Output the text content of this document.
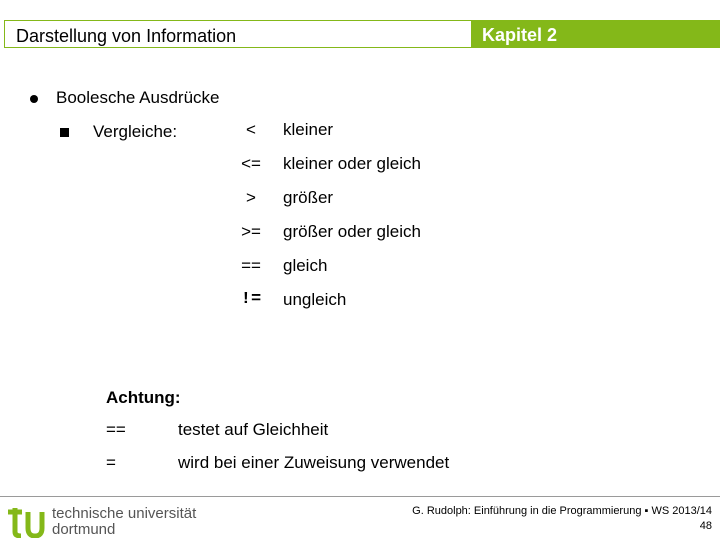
Darstellung von Information	Kapitel 2
Boolesche Ausdrücke
Vergleiche:	<	kleiner
<=	kleiner oder gleich
>	größer
>=	größer oder gleich
==	gleich
!=	ungleich
Achtung:
==	testet auf Gleichheit
=	wird bei einer Zuweisung verwendet
technische universität
dortmund
G. Rudolph: Einführung in die Programmierung ▪ WS 2013/14
48
